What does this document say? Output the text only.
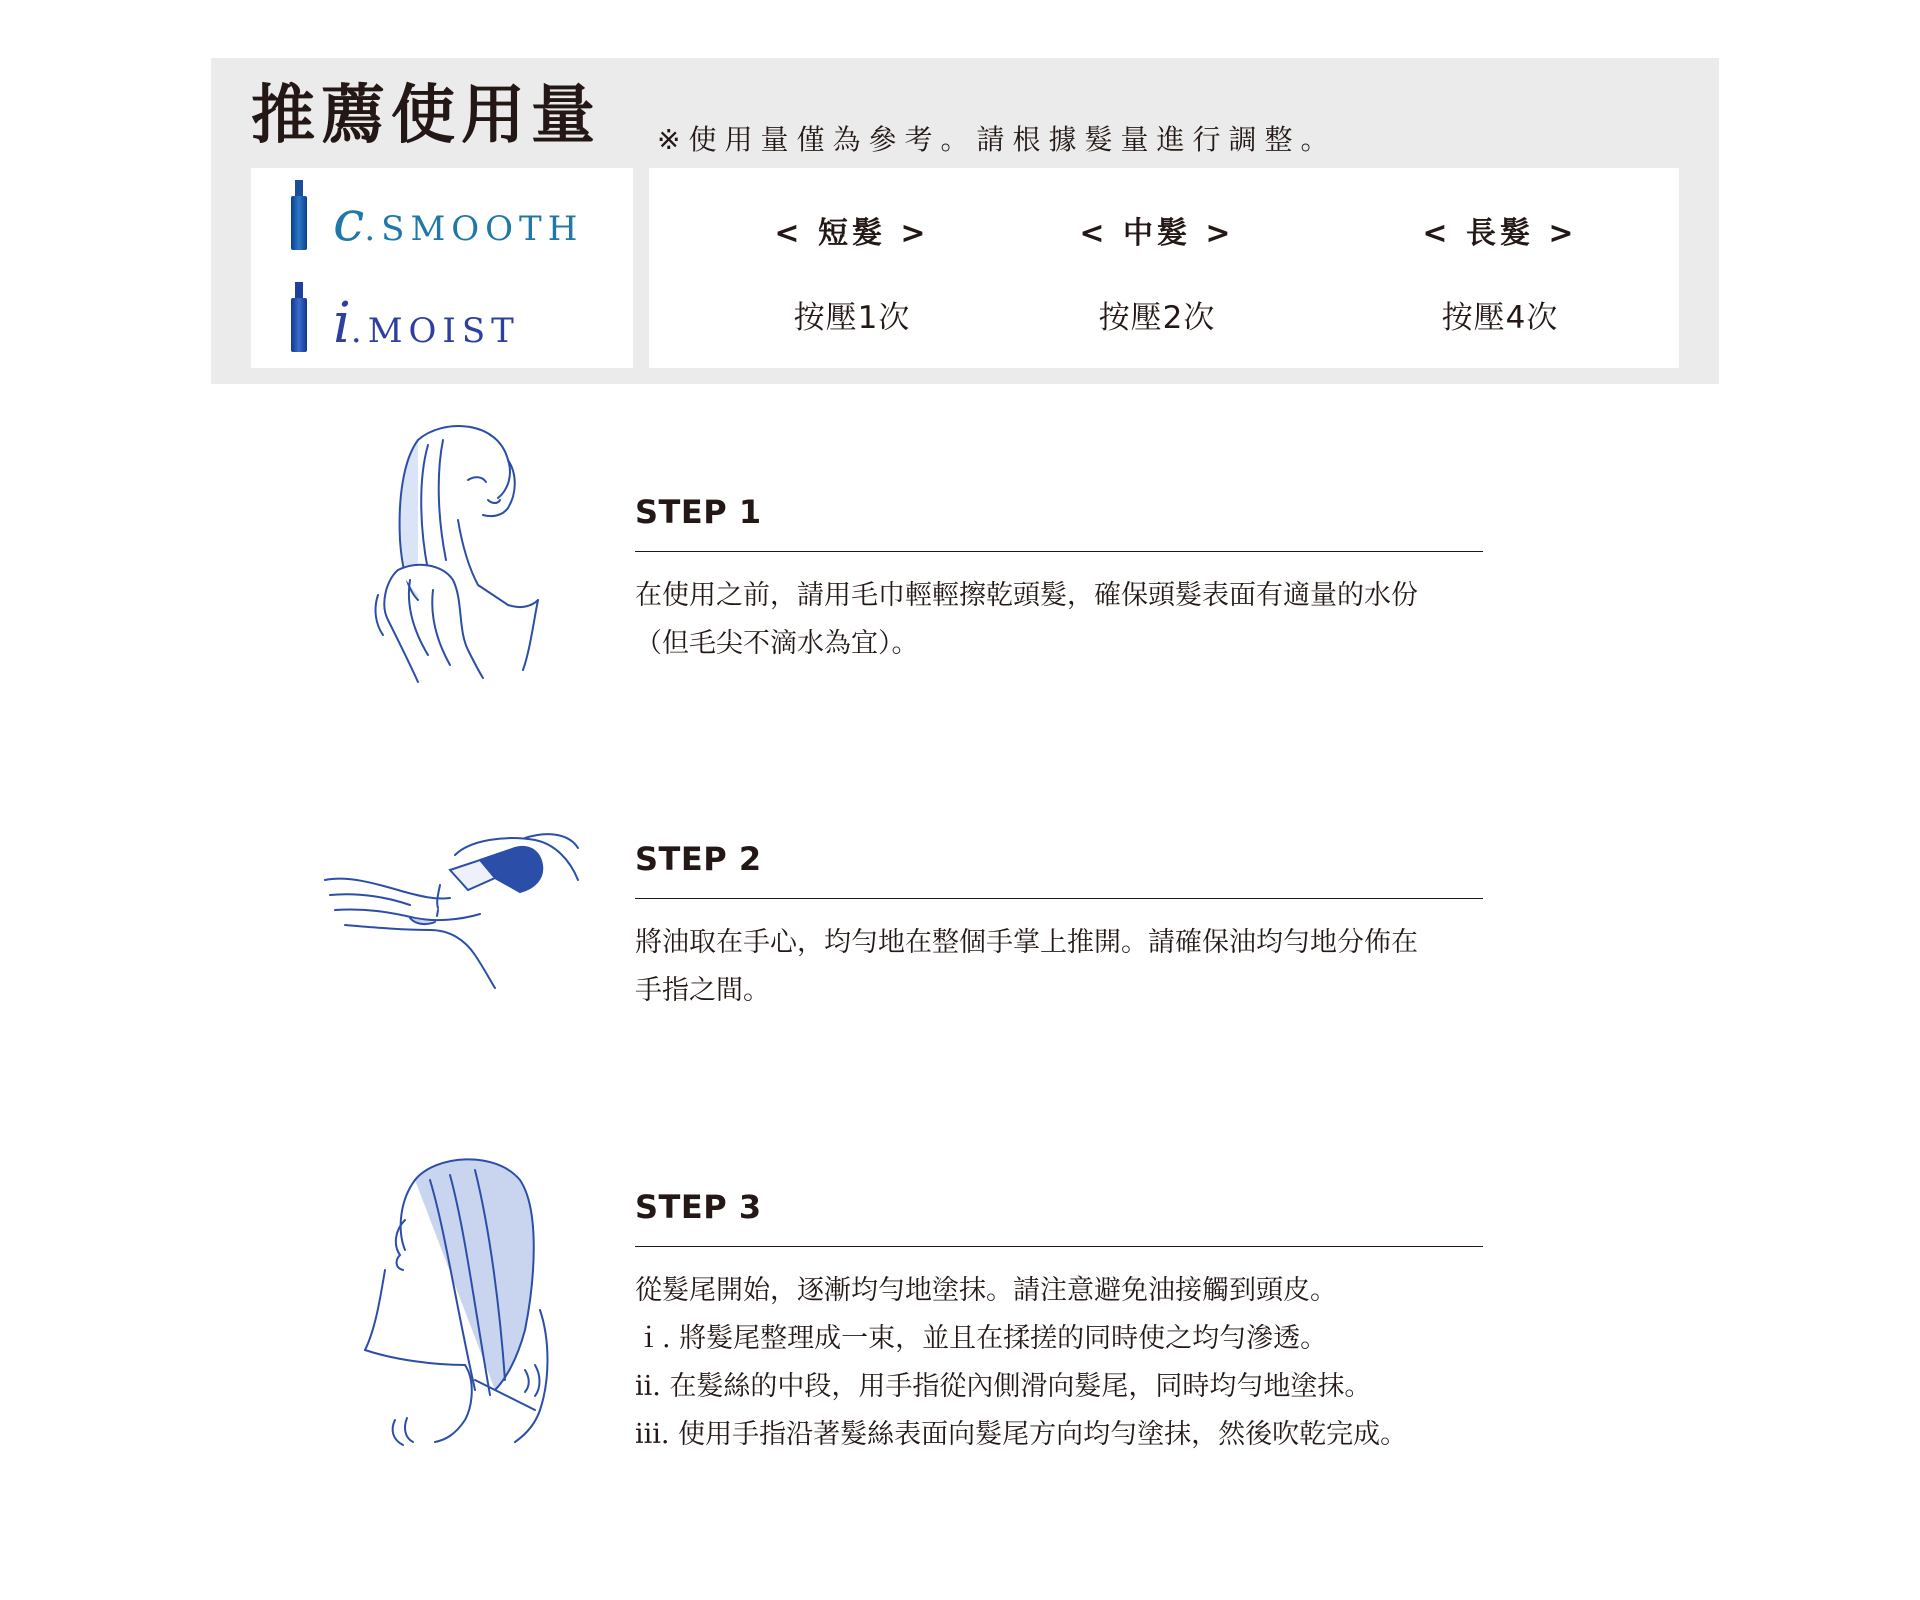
推薦使用量 ※使用量僅為參考。請根據髮量進行調整。
c .SMOOTH
i .MOIST
< 短髮 >
按壓1次
< 中髮 >
按壓2次
< 長髮 >
按壓4次
STEP 1
在使用之前，請用毛巾輕輕擦乾頭髮，確保頭髮表面有適量的水份
（但毛尖不滴水為宜）。
STEP 2
將油取在手心，均勻地在整個手掌上推開。請確保油均勻地分佈在
手指之間。
STEP 3
從髮尾開始，逐漸均勻地塗抹。請注意避免油接觸到頭皮。
ｉ. 將髮尾整理成一束，並且在揉搓的同時使之均勻滲透。
ⅱ. 在髮絲的中段，用手指從內側滑向髮尾，同時均勻地塗抹。
ⅲ. 使用手指沿著髮絲表面向髮尾方向均勻塗抹，然後吹乾完成。
